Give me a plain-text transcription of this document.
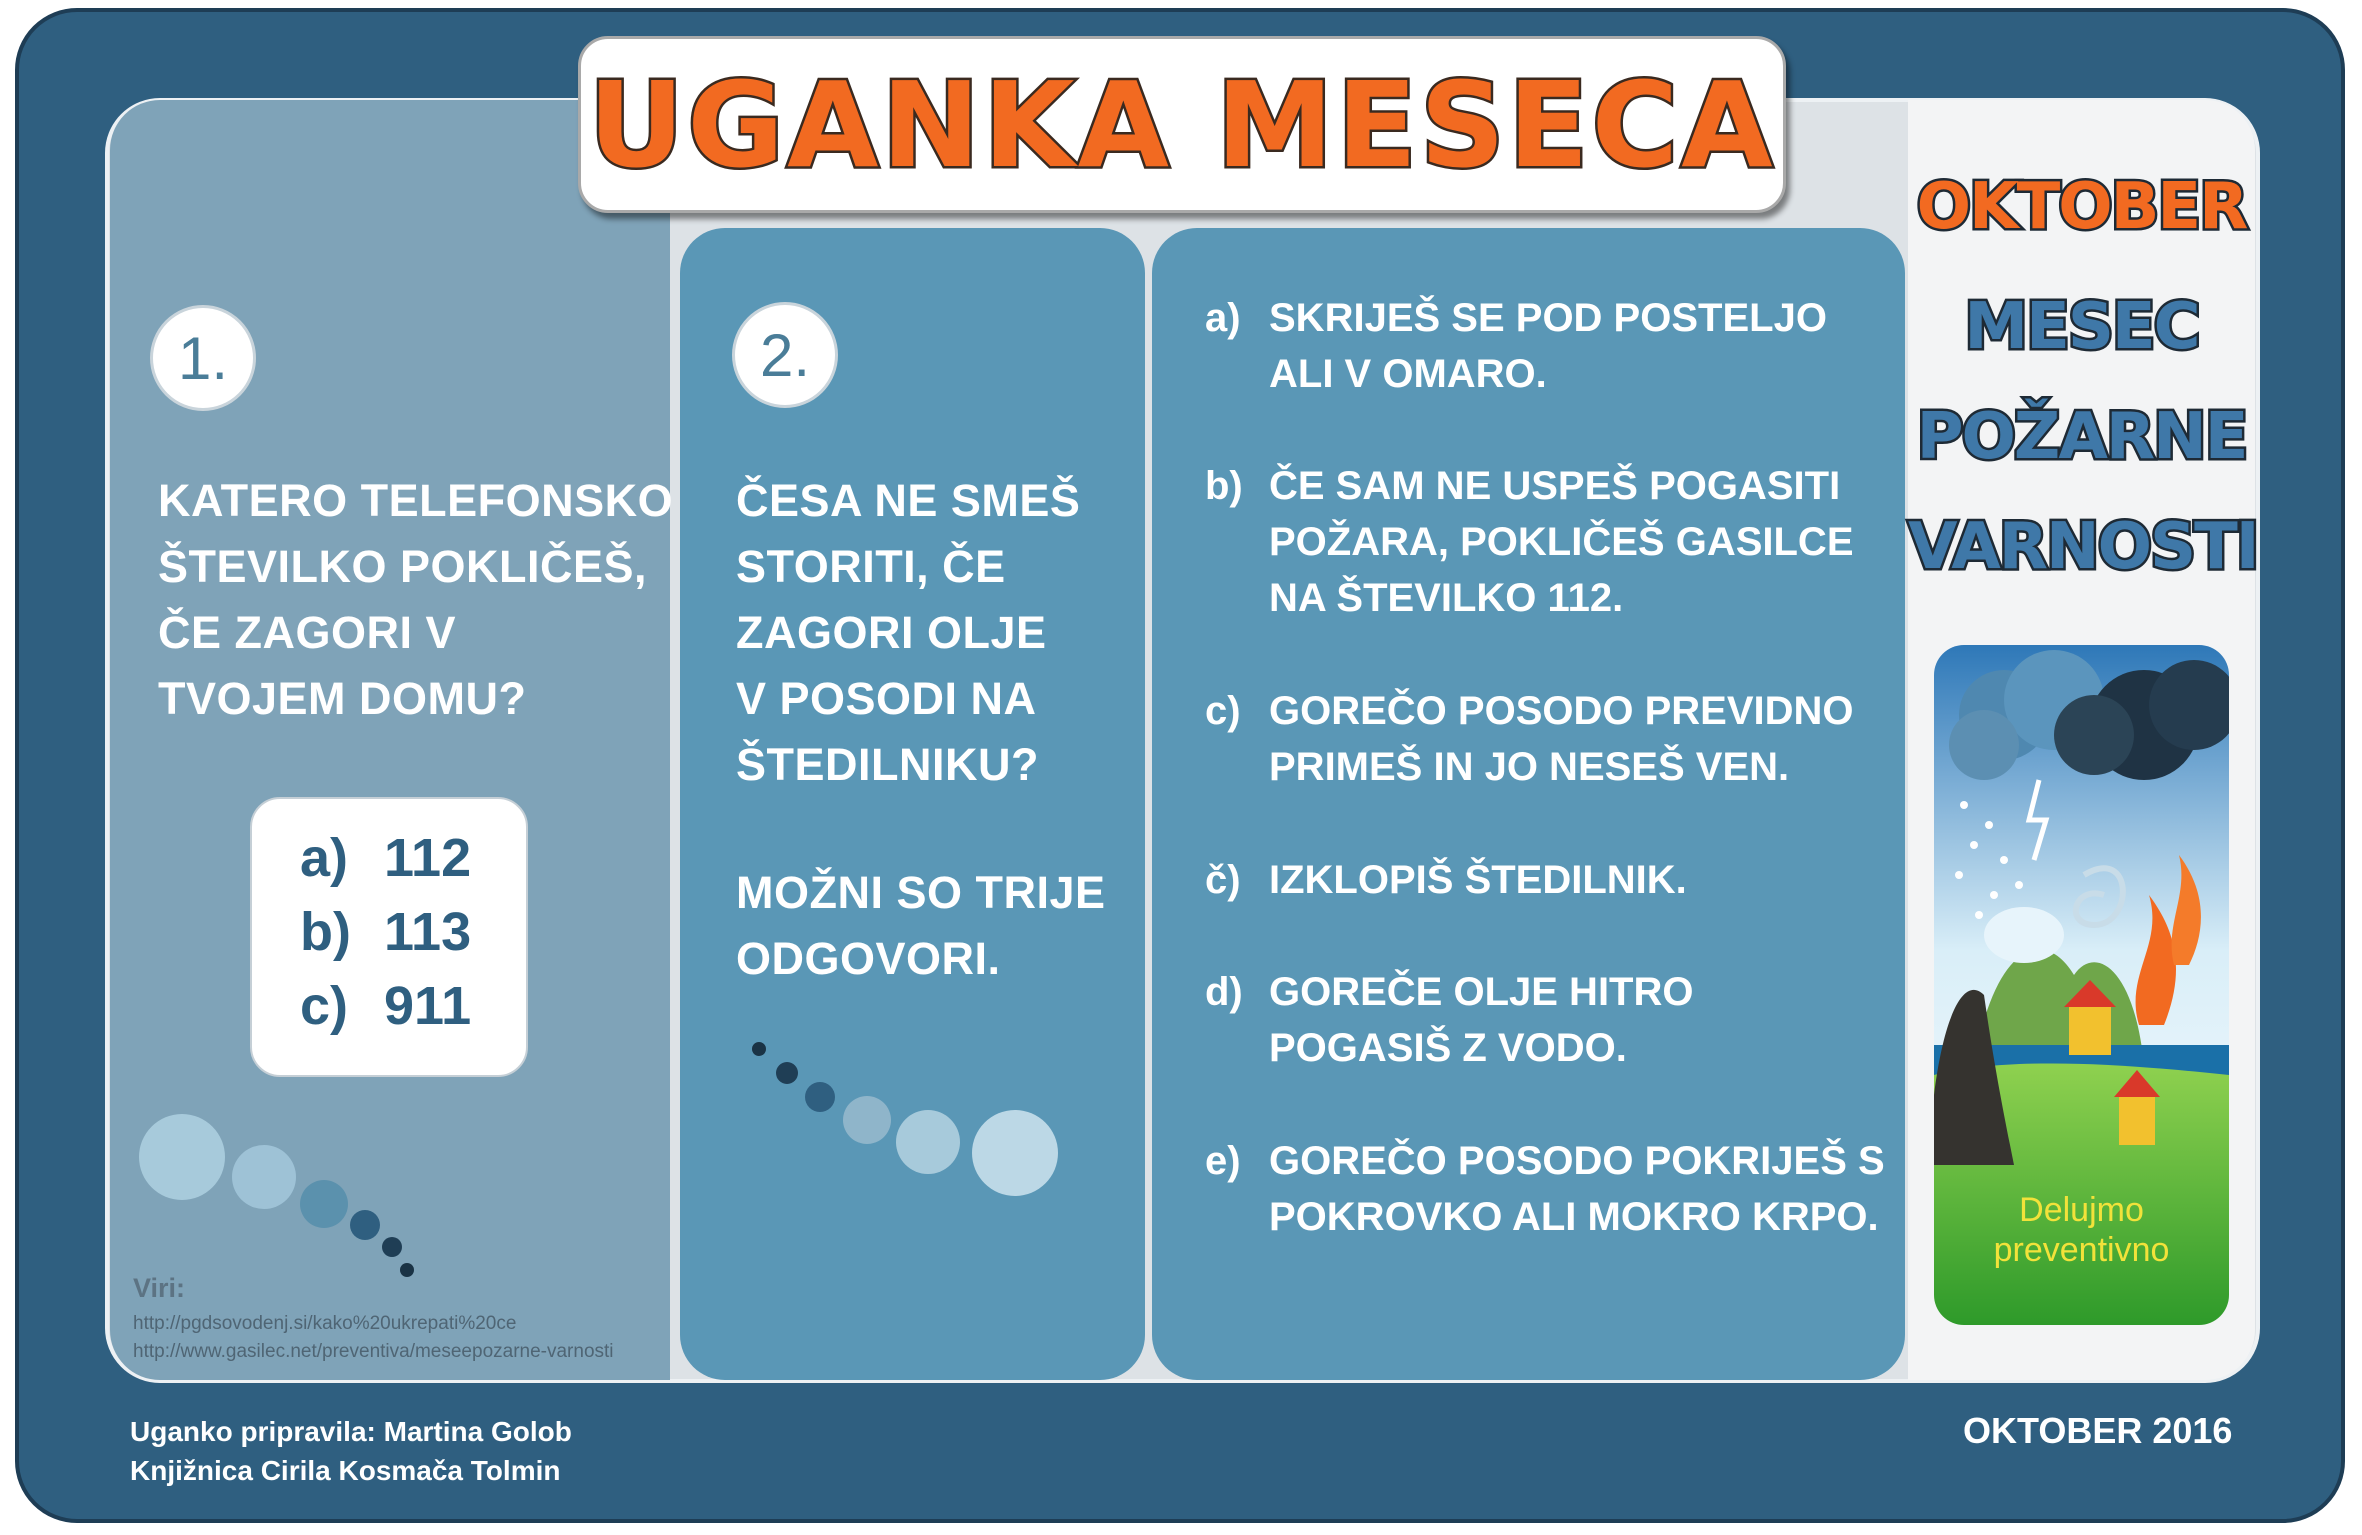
1.
KATERO TELEFONSKO
ŠTEVILKO POKLIČEŠ,
ČE ZAGORI V
TVOJEM DOMU?
a) 112
b) 113
c) 911
Viri:
http://pgdsovodenj.si/kako%20ukrepati%20ce
http://www.gasilec.net/preventiva/meseepozarne-varnosti
2.
ČESA NE SMEŠ
STORITI, ČE
ZAGORI OLJE
V POSODI NA
ŠTEDILNIKU?
MOŽNI SO TRIJE
ODGOVORI.
a) SKRIJEŠ SE POD POSTELJO
ALI V OMARO.
b) ČE SAM NE USPEŠ POGASITI
POŽARA, POKLIČEŠ GASILCE
NA ŠTEVILKO 112.
c) GOREČO POSODO PREVIDNO
PRIMEŠ IN JO NESEŠ VEN.
č) IZKLOPIŠ ŠTEDILNIK.
d) GOREČE OLJE HITRO
POGASIŠ Z VODO.
e) GOREČO POSODO POKRIJEŠ S
POKROVKO ALI MOKRO KRPO.
OKTOBER
MESEC
POŽARNE
VARNOSTI
Delujmo
preventivno
UGANKA MESECA
Uganko pripravila: Martina Golob
Knjižnica Cirila Kosmača Tolmin
OKTOBER 2016
